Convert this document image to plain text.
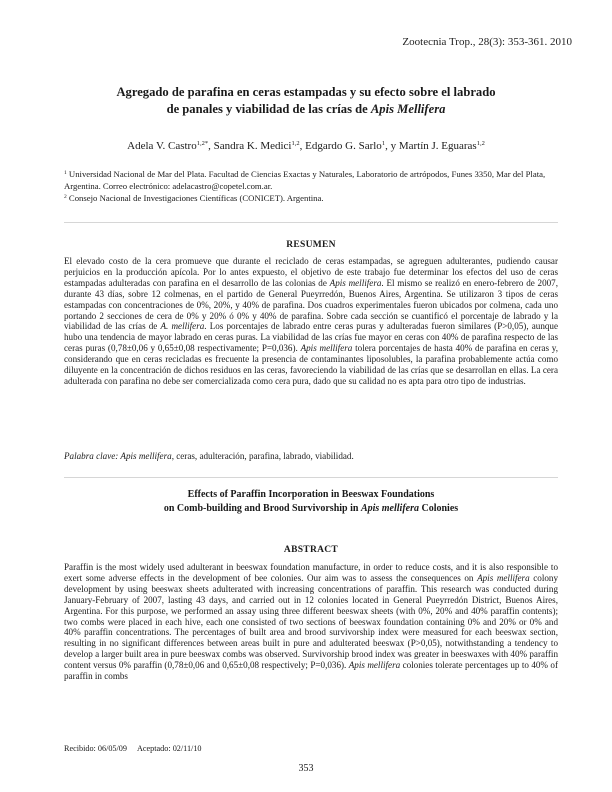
Zootecnia Trop., 28(3): 353-361. 2010
Agregado de parafina en ceras estampadas y su efecto sobre el labrado
de panales y viabilidad de las crías de Apis Mellifera
Adela V. Castro$^{1,2*}$, Sandra K. Medici$^{1,2}$, Edgardo G. Sarlo$^1$, y Martín J. Eguaras$^{1,2}$
$^1$ Universidad Nacional de Mar del Plata. Facultad de Ciencias Exactas y Naturales, Laboratorio de artrópodos, Funes 3350, Mar del Plata, Argentina. Correo electrónico: adelacastro@copetel.com.ar.
$^2$ Consejo Nacional de Investigaciones Científicas (CONICET). Argentina.
RESUMEN
El elevado costo de la cera promueve que durante el reciclado de ceras estampadas, se agreguen adulterantes, pudiendo causar perjuicios en la producción apícola. Por lo antes expuesto, el objetivo de este trabajo fue determinar los efectos del uso de ceras estampadas adulteradas con parafina en el desarrollo de las colonias de Apis mellifera. El mismo se realizó en enero-febrero de 2007, durante 43 días, sobre 12 colmenas, en el partido de General Pueyrredón, Buenos Aires, Argentina. Se utilizaron 3 tipos de ceras estampadas con concentraciones de 0%, 20%, y 40% de parafina. Dos cuadros experimentales fueron ubicados por colmena, cada uno portando 2 secciones de cera de 0% y 20% ó 0% y 40% de parafina. Sobre cada sección se cuantificó el porcentaje de labrado y la viabilidad de las crías de A. mellifera. Los porcentajes de labrado entre ceras puras y adulteradas fueron similares (P>0,05), aunque hubo una tendencia de mayor labrado en ceras puras. La viabilidad de las crías fue mayor en ceras con 40% de parafina respecto de las ceras puras (0,78±0,06 y 0,65±0,08 respectivamente; P=0,036). Apis mellifera tolera porcentajes de hasta 40% de parafina en ceras y, considerando que en ceras recicladas es frecuente la presencia de contaminantes liposolubles, la parafina probablemente actúa como diluyente en la concentración de dichos residuos en las ceras, favoreciendo la viabilidad de las crías que se desarrollan en ellas. La cera adulterada con parafina no debe ser comercializada como cera pura, dado que su calidad no es apta para otro tipo de industrias.
Palabra clave: Apis mellifera, ceras, adulteración, parafina, labrado, viabilidad.
Effects of Paraffin Incorporation in Beeswax Foundations
on Comb-building and Brood Survivorship in Apis mellifera Colonies
ABSTRACT
Paraffin is the most widely used adulterant in beeswax foundation manufacture, in order to reduce costs, and it is also responsible to exert some adverse effects in the development of bee colonies. Our aim was to assess the consequences on Apis mellifera colony development by using beeswax sheets adulterated with increasing concentrations of paraffin. This research was conducted during January-February of 2007, lasting 43 days, and carried out in 12 colonies located in General Pueyrredón District, Buenos Aires, Argentina. For this purpose, we performed an assay using three different beeswax sheets (with 0%, 20% and 40% paraffin contents); two combs were placed in each hive, each one consisted of two sections of beeswax foundation containing 0% and 20% or 0% and 40% paraffin concentrations. The percentages of built area and brood survivorship index were measured for each beeswax section, resulting in no significant differences between areas built in pure and adulterated beeswax (P>0,05), notwithstanding a tendency to develop a larger built area in pure beeswax combs was observed. Survivorship brood index was greater in beeswaxes with 40% paraffin content versus 0% paraffin (0,78±0,06 and 0,65±0,08 respectively; P=0,036). Apis mellifera colonies tolerate percentages up to 40% of paraffin in combs
Recibido: 06/05/09 Aceptado: 02/11/10
353
